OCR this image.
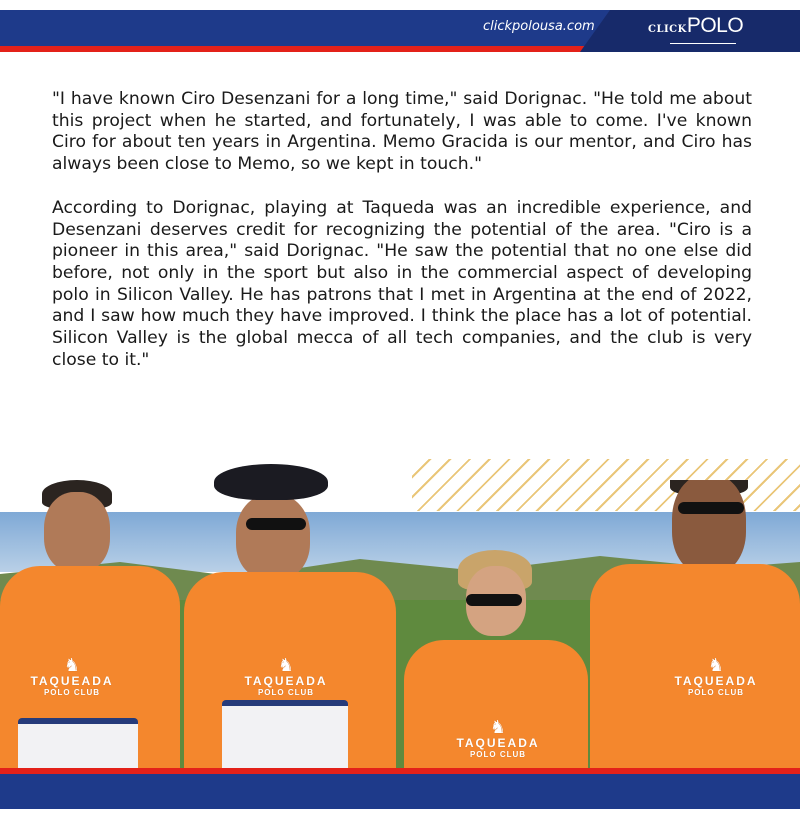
clickpolousa.com	CLICKPOLO

"I have known Ciro Desenzani for a long time," said Dorignac. "He told me about this project when he started, and fortunately, I was able to come. I've known Ciro for about ten years in Argentina. Memo Gracida is our mentor, and Ciro has always been close to Memo, so we kept in touch."

According to Dorignac, playing at Taqueda was an incredible experience, and Desenzani deserves credit for recognizing the potential of the area. "Ciro is a pioneer in this area," said Dorignac. "He saw the potential that no one else did before, not only in the sport but also in the commercial aspect of developing polo in Silicon Valley. He has patrons that I met in Argentina at the end of 2022, and I saw how much they have improved. I think the place has a lot of potential. Silicon Valley is the global mecca of all tech companies, and the club is very close to it."

♞
TAQUEADA
POLO CLUB
♞
TAQUEADA
POLO CLUB
♞
TAQUEADA
POLO CLUB
♞
TAQUEADA
POLO CLUB
